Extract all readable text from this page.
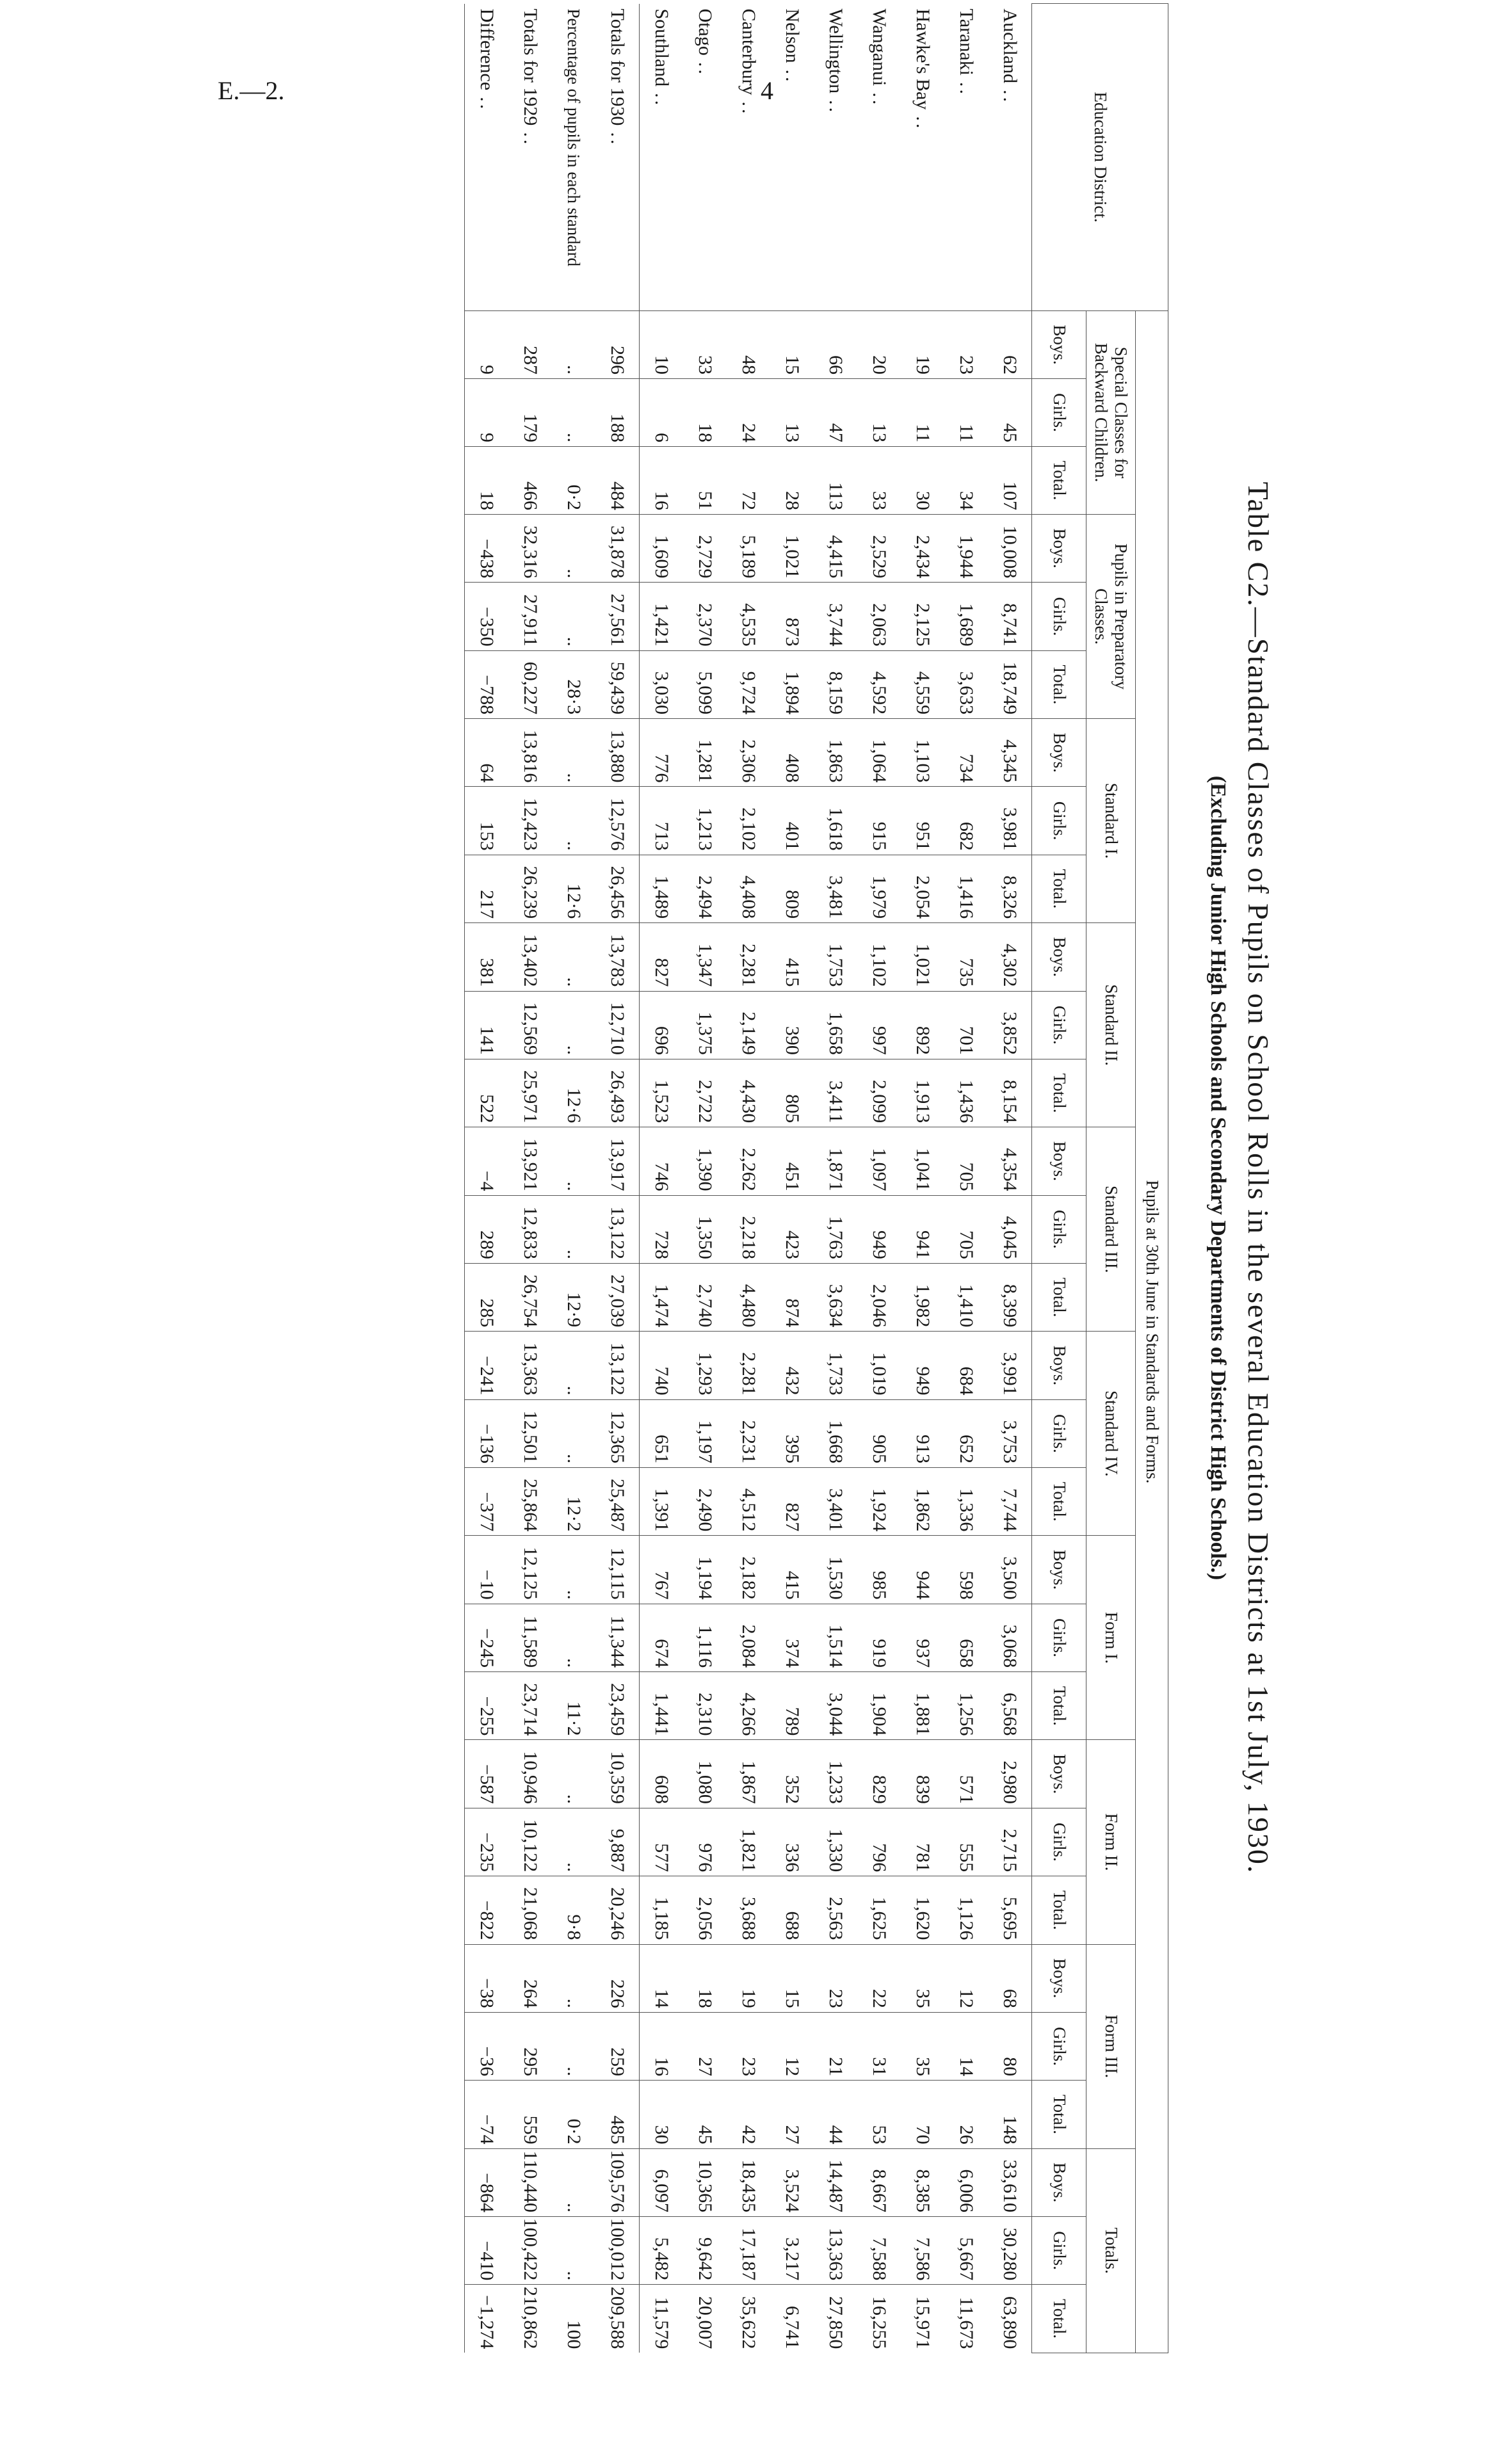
E.—2.	4
Table C2.—Standard Classes of Pupils on School Rolls in the several Education Districts at 1st July, 1930.
(Excluding Junior High Schools and Secondary Departments of District High Schools.)
Education District.	Pupils at 30th June in Standards and Forms.																													
	Special Classes for Backward Children.			Pupils in Preparatory Classes.			Standard I.			Standard II.			Standard III.			Standard IV.			Form I.			Form II.			Form III.			Totals.		
	Boys.	Girls.	Total.	Boys.	Girls.	Total.	Boys.	Girls.	Total.	Boys.	Girls.	Total.	Boys.	Girls.	Total.	Boys.	Girls.	Total.	Boys.	Girls.	Total.	Boys.	Girls.	Total.	Boys.	Girls.	Total.	Boys.	Girls.	Total.
Auckland..	62	45	107	10,008	8,741	18,749	4,345	3,981	8,326	4,302	3,852	8,154	4,354	4,045	8,399	3,991	3,753	7,744	3,500	3,068	6,568	2,980	2,715	5,695	68	80	148	33,610	30,280	63,890
Taranaki..	23	11	34	1,944	1,689	3,633	734	682	1,416	735	701	1,436	705	705	1,410	684	652	1,336	598	658	1,256	571	555	1,126	12	14	26	6,006	5,667	11,673
Hawke's Bay..	19	11	30	2,434	2,125	4,559	1,103	951	2,054	1,021	892	1,913	1,041	941	1,982	949	913	1,862	944	937	1,881	839	781	1,620	35	35	70	8,385	7,586	15,971
Wanganui..	20	13	33	2,529	2,063	4,592	1,064	915	1,979	1,102	997	2,099	1,097	949	2,046	1,019	905	1,924	985	919	1,904	829	796	1,625	22	31	53	8,667	7,588	16,255
Wellington..	66	47	113	4,415	3,744	8,159	1,863	1,618	3,481	1,753	1,658	3,411	1,871	1,763	3,634	1,733	1,668	3,401	1,530	1,514	3,044	1,233	1,330	2,563	23	21	44	14,487	13,363	27,850
Nelson..	15	13	28	1,021	873	1,894	408	401	809	415	390	805	451	423	874	432	395	827	415	374	789	352	336	688	15	12	27	3,524	3,217	6,741
Canterbury..	48	24	72	5,189	4,535	9,724	2,306	2,102	4,408	2,281	2,149	4,430	2,262	2,218	4,480	2,281	2,231	4,512	2,182	2,084	4,266	1,867	1,821	3,688	19	23	42	18,435	17,187	35,622
Otago..	33	18	51	2,729	2,370	5,099	1,281	1,213	2,494	1,347	1,375	2,722	1,390	1,350	2,740	1,293	1,197	2,490	1,194	1,116	2,310	1,080	976	2,056	18	27	45	10,365	9,642	20,007
Southland..	10	6	16	1,609	1,421	3,030	776	713	1,489	827	696	1,523	746	728	1,474	740	651	1,391	767	674	1,441	608	577	1,185	14	16	30	6,097	5,482	11,579
Totals for 1930..	296	188	484	31,878	27,561	59,439	13,880	12,576	26,456	13,783	12,710	26,493	13,917	13,122	27,039	13,122	12,365	25,487	12,115	11,344	23,459	10,359	9,887	20,246	226	259	485	109,576	100,012	209,588
Percentage of pupils in each standard	..	..	0·2	..	..	28·3	..	..	12·6	..	..	12·6	..	..	12·9	..	..	12·2	..	..	11·2	..	..	9·8	..	..	0·2	..	..	100
Totals for 1929..	287	179	466	32,316	27,911	60,227	13,816	12,423	26,239	13,402	12,569	25,971	13,921	12,833	26,754	13,363	12,501	25,864	12,125	11,589	23,714	10,946	10,122	21,068	264	295	559	110,440	100,422	210,862
Difference..	9	9	18	−438	−350	−788	64	153	217	381	141	522	−4	289	285	−241	−136	−377	−10	−245	−255	−587	−235	−822	−38	−36	−74	−864	−410	−1,274
